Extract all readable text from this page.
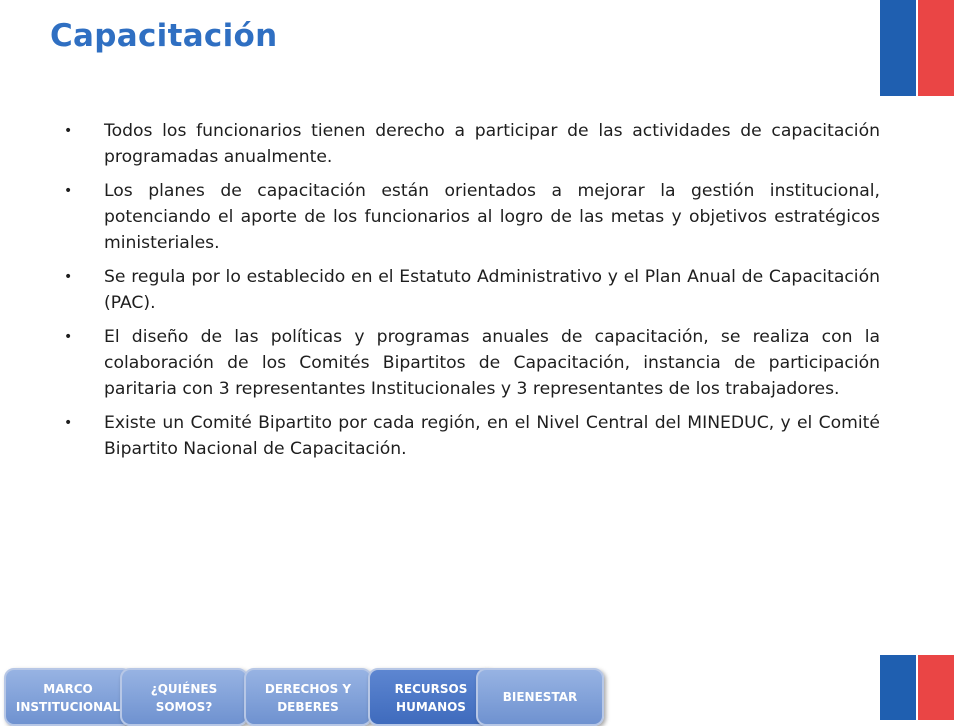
Capacitación
• Todos los funcionarios tienen derecho a participar de las actividades de capacitación programadas anualmente.
• Los planes de capacitación están orientados a mejorar la gestión institucional, potenciando el aporte de los funcionarios al logro de las metas y objetivos estratégicos ministeriales.
• Se regula por lo establecido en el Estatuto Administrativo y el Plan Anual de Capacitación (PAC).
• El diseño de las políticas y programas anuales de capacitación, se realiza con la colaboración de los Comités Bipartitos de Capacitación, instancia de participación paritaria con 3 representantes Institucionales y 3 representantes de los trabajadores.
• Existe un Comité Bipartito por cada región, en el Nivel Central del MINEDUC, y el Comité Bipartito Nacional de Capacitación.
MARCO
INSTITUCIONAL
¿QUIÉNES
SOMOS?
DERECHOS Y
DEBERES
RECURSOS
HUMANOS
BIENESTAR
